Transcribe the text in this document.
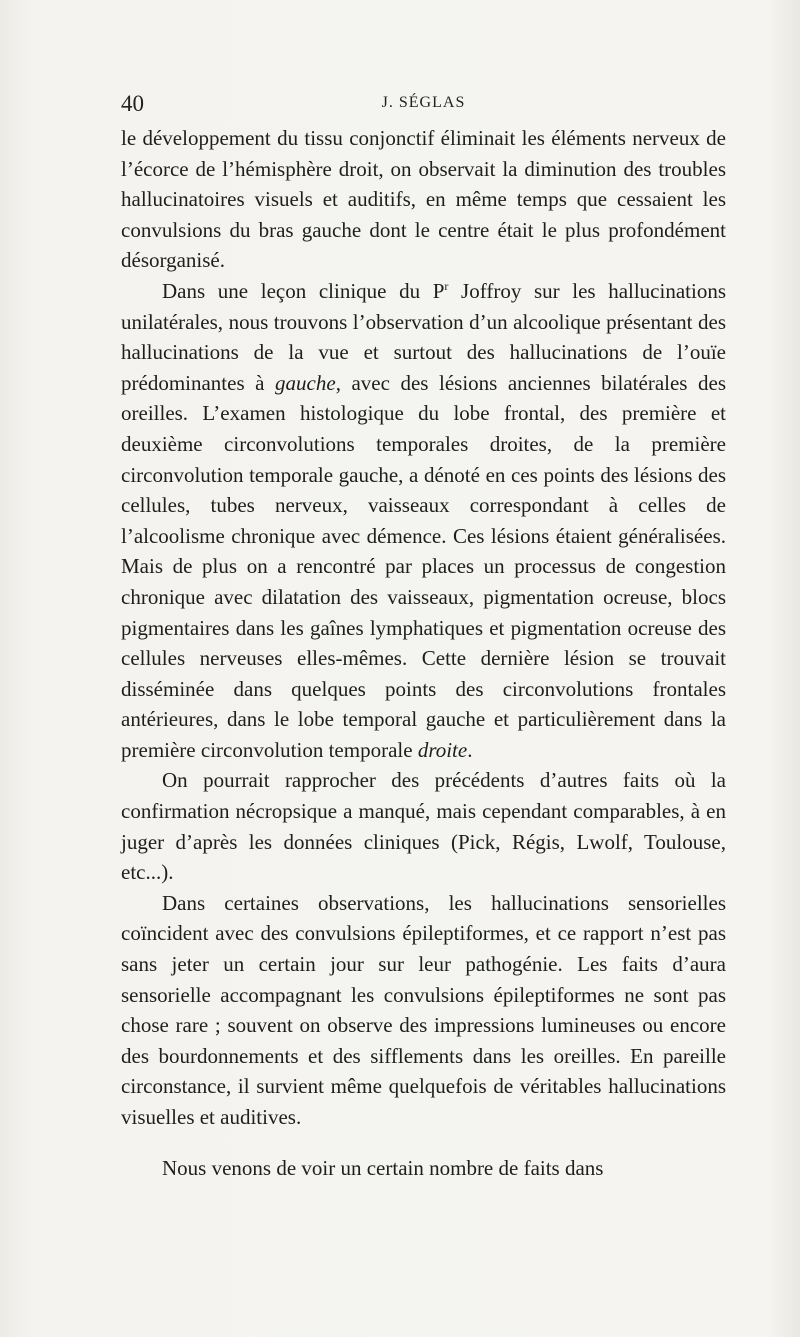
40	J. SÉGLAS

le développement du tissu conjonctif éliminait les éléments nerveux de l’écorce de l’hémisphère droit, on observait la diminution des troubles hallucinatoires visuels et auditifs, en même temps que cessaient les convulsions du bras gauche dont le centre était le plus profondément désorganisé.

Dans une leçon clinique du $P^r$ Joffroy sur les hallucinations unilatérales, nous trouvons l’observation d’un alcoolique présentant des hallucinations de la vue et surtout des hallucinations de l’ouïe prédominantes à gauche, avec des lésions anciennes bilatérales des oreilles. L’examen histologique du lobe frontal, des première et deuxième circonvolutions temporales droites, de la première circonvolution temporale gauche, a dénoté en ces points des lésions des cellules, tubes nerveux, vaisseaux correspondant à celles de l’alcoolisme chronique avec démence. Ces lésions étaient généralisées. Mais de plus on a rencontré par places un processus de congestion chronique avec dilatation des vaisseaux, pigmentation ocreuse, blocs pigmentaires dans les gaînes lymphatiques et pigmentation ocreuse des cellules nerveuses elles-mêmes. Cette dernière lésion se trouvait disséminée dans quelques points des circonvolutions frontales antérieures, dans le lobe temporal gauche et particulièrement dans la première circonvolution temporale droite.

On pourrait rapprocher des précédents d’autres faits où la confirmation nécropsique a manqué, mais cependant comparables, à en juger d’après les données cliniques (Pick, Régis, Lwolf, Toulouse, etc...).

Dans certaines observations, les hallucinations sensorielles coïncident avec des convulsions épileptiformes, et ce rapport n’est pas sans jeter un certain jour sur leur pathogénie. Les faits d’aura sensorielle accompagnant les convulsions épileptiformes ne sont pas chose rare ; souvent on observe des impressions lumineuses ou encore des bourdonnements et des sifflements dans les oreilles. En pareille circonstance, il survient même quelquefois de véritables hallucinations visuelles et auditives.

Nous venons de voir un certain nombre de faits dans
